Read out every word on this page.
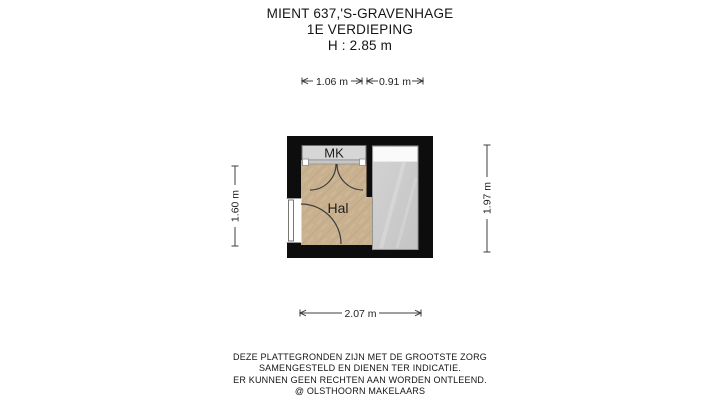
MIENT 637,'S-GRAVENHAGE
1E VERDIEPING
H : 2.85 m
MK
Hal
1.06 m	0.91 m
2.07 m
1.60 m	1.97 m
DEZE PLATTEGRONDEN ZIJN MET DE GROOTSTE ZORG
SAMENGESTELD EN DIENEN TER INDICATIE.
ER KUNNEN GEEN RECHTEN AAN WORDEN ONTLEEND.
@ OLSTHOORN MAKELAARS
